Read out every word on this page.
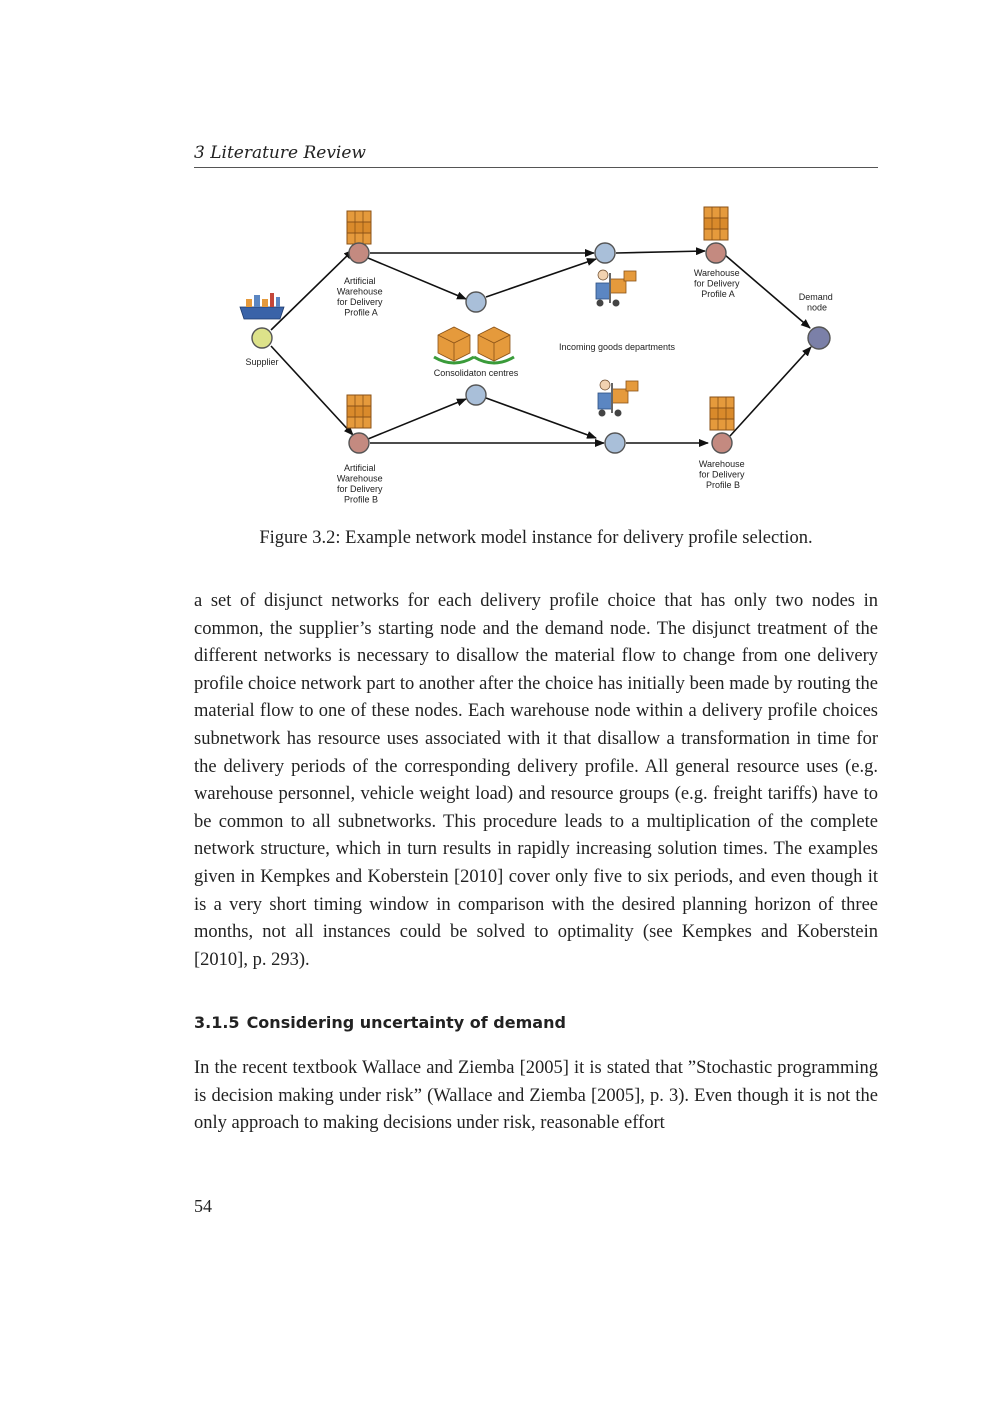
3 Literature Review
Supplier
Artificial Warehouse for Delivery Profile A
Artificial Warehouse for Delivery Profile B
Consolidaton centres
Incoming goods departments
Warehouse for Delivery Profile A
Warehouse for Delivery Profile B
Demand node
Figure 3.2: Example network model instance for delivery profile selection.

a set of disjunct networks for each delivery profile choice that has only two nodes in common, the supplier’s starting node and the demand node. The disjunct treatment of the different networks is necessary to disallow the material flow to change from one delivery profile choice network part to another after the choice has initially been made by routing the material flow to one of these nodes. Each warehouse node within a delivery profile choices subnetwork has resource uses associated with it that disallow a transformation in time for the delivery periods of the corresponding delivery profile. All general resource uses (e.g. warehouse personnel, vehicle weight load) and resource groups (e.g. freight tariffs) have to be common to all subnetworks. This procedure leads to a multiplication of the complete network structure, which in turn results in rapidly increasing solution times. The examples given in Kempkes and Koberstein [2010] cover only five to six periods, and even though it is a very short timing window in comparison with the desired planning horizon of three months, not all instances could be solved to optimality (see Kempkes and Koberstein [2010], p. 293).

3.1.5 Considering uncertainty of demand

In the recent textbook Wallace and Ziemba [2005] it is stated that ”Stochastic programming is decision making under risk” (Wallace and Ziemba [2005], p. 3). Even though it is not the only approach to making decisions under risk, reasonable effort

54
